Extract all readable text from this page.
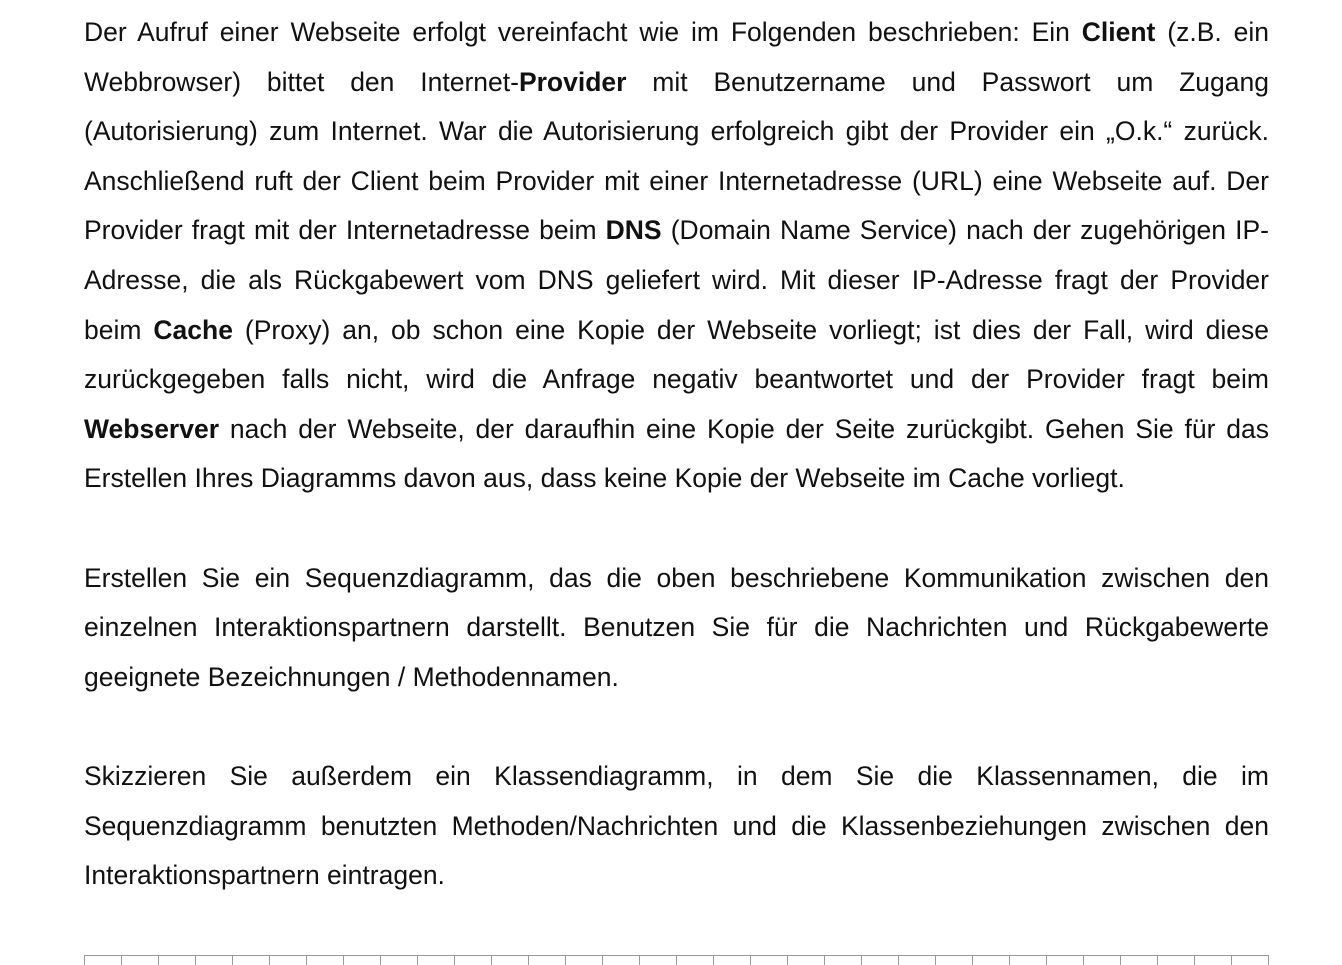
Der Aufruf einer Webseite erfolgt vereinfacht wie im Folgenden beschrieben: Ein Client (z.B. ein Webbrowser) bittet den Internet-Provider mit Benutzername und Passwort um Zugang (Autorisierung) zum Internet. War die Autorisierung erfolgreich gibt der Provider ein „O.k.“ zurück. Anschließend ruft der Client beim Provider mit einer Internetadresse (URL) eine Webseite auf. Der Provider fragt mit der Internetadresse beim DNS (Domain Name Service) nach der zugehörigen IP-Adresse, die als Rückgabewert vom DNS geliefert wird. Mit dieser IP-Adresse fragt der Provider beim Cache (Proxy) an, ob schon eine Kopie der Webseite vorliegt; ist dies der Fall, wird diese zurückgegeben falls nicht, wird die Anfrage negativ beantwortet und der Provider fragt beim Webserver nach der Webseite, der daraufhin eine Kopie der Seite zurückgibt. Gehen Sie für das Erstellen Ihres Diagramms davon aus, dass keine Kopie der Webseite im Cache vorliegt.

Erstellen Sie ein Sequenzdiagramm, das die oben beschriebene Kommunikation zwischen den einzelnen Interaktionspartnern darstellt. Benutzen Sie für die Nachrichten und Rückgabewerte geeignete Bezeichnungen / Methodennamen.

Skizzieren Sie außerdem ein Klassendiagramm, in dem Sie die Klassennamen, die im Sequenzdiagramm benutzten Methoden/Nachrichten und die Klassenbeziehungen zwischen den Interaktionspartnern eintragen.
